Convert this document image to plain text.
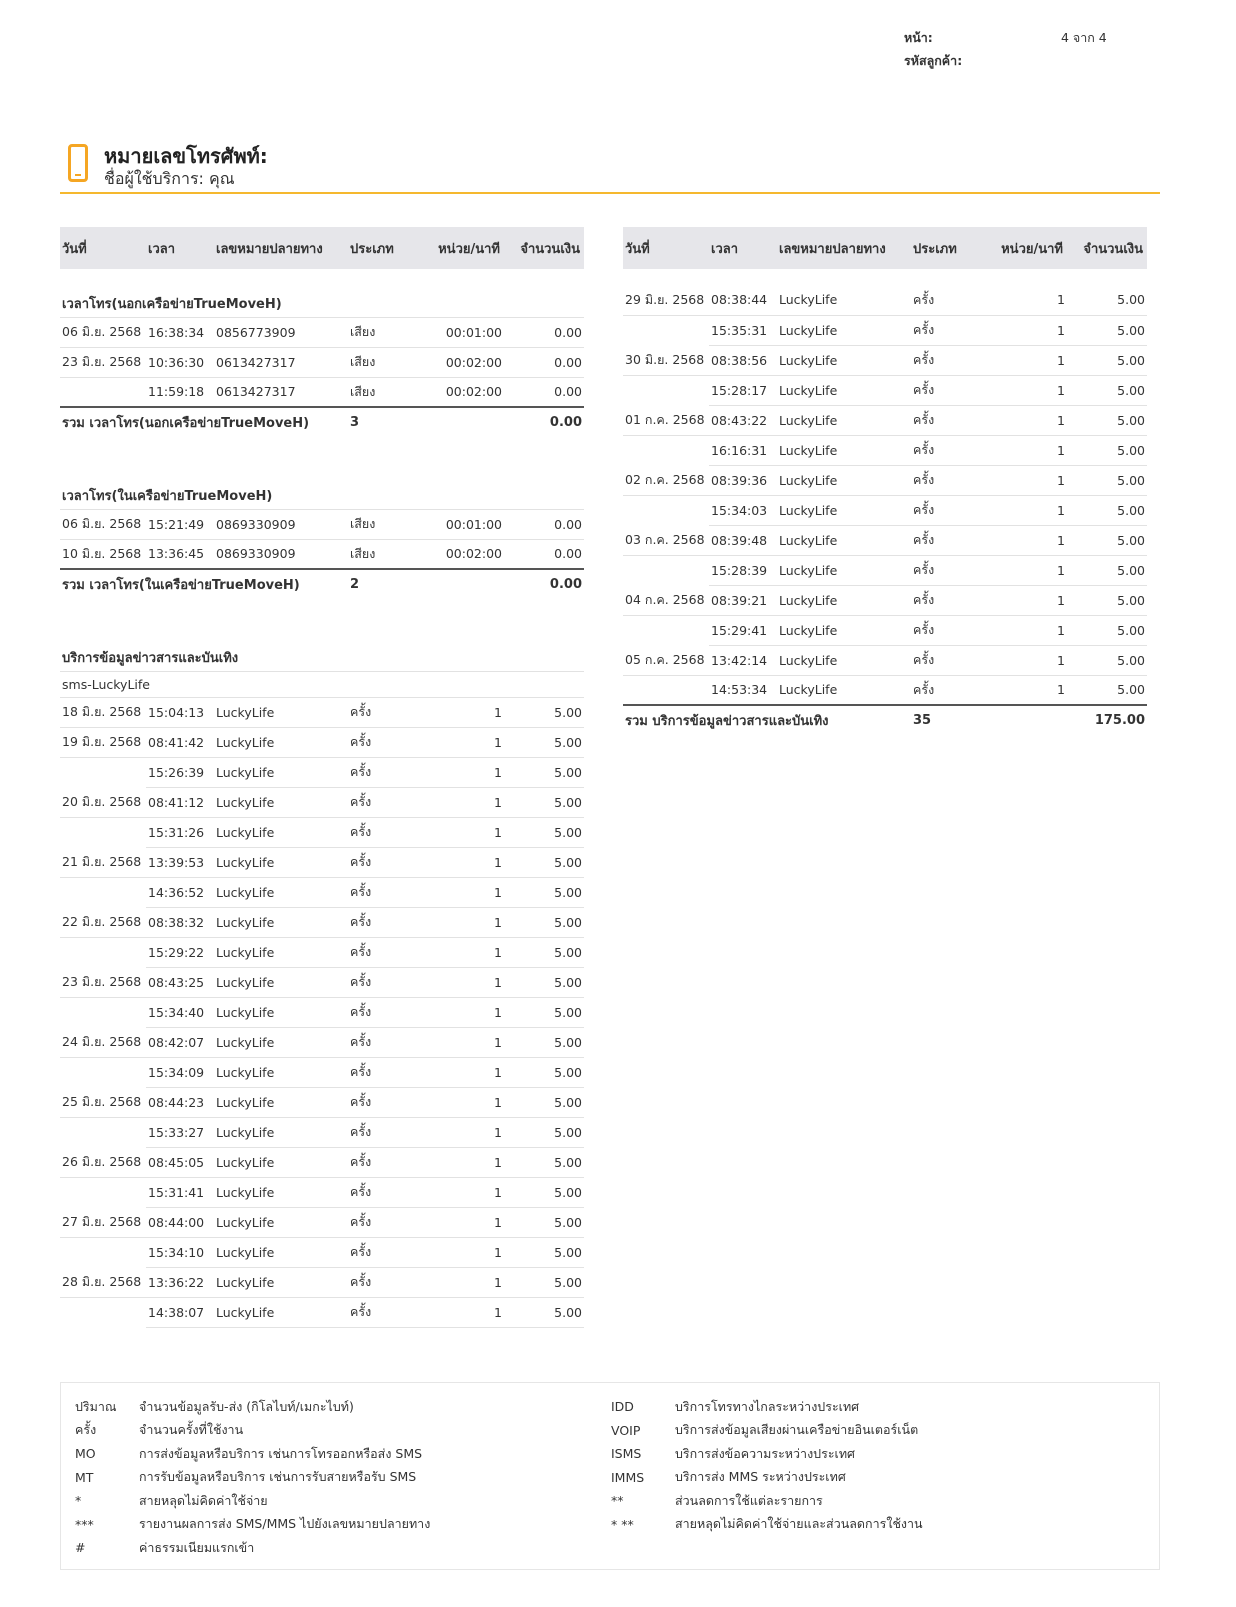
หน้า:	4 จาก 4
รหัสลูกค้า:
หมายเลขโทรศัพท์:
ชื่อผู้ใช้บริการ: คุณ
วันที่	เวลา	เลขหมายปลายทาง	ประเภท	หน่วย/นาที	จำนวนเงิน

เวลาโทร(นอกเครือข่ายTrueMoveH)					
06 มิ.ย. 2568	16:38:34	0856773909	เสียง	00:01:00	0.00
23 มิ.ย. 2568	10:36:30	0613427317	เสียง	00:02:00	0.00
	11:59:18	0613427317	เสียง	00:02:00	0.00
รวม เวลาโทร(นอกเครือข่ายTrueMoveH)			3		0.00

เวลาโทร(ในเครือข่ายTrueMoveH)					
06 มิ.ย. 2568	15:21:49	0869330909	เสียง	00:01:00	0.00
10 มิ.ย. 2568	13:36:45	0869330909	เสียง	00:02:00	0.00
รวม เวลาโทร(ในเครือข่ายTrueMoveH)			2		0.00

บริการข้อมูลข่าวสารและบันเทิง					
sms-LuckyLife					
18 มิ.ย. 2568	15:04:13	LuckyLife	ครั้ง	1	5.00
19 มิ.ย. 2568	08:41:42	LuckyLife	ครั้ง	1	5.00
	15:26:39	LuckyLife	ครั้ง	1	5.00
20 มิ.ย. 2568	08:41:12	LuckyLife	ครั้ง	1	5.00
	15:31:26	LuckyLife	ครั้ง	1	5.00
21 มิ.ย. 2568	13:39:53	LuckyLife	ครั้ง	1	5.00
	14:36:52	LuckyLife	ครั้ง	1	5.00
22 มิ.ย. 2568	08:38:32	LuckyLife	ครั้ง	1	5.00
	15:29:22	LuckyLife	ครั้ง	1	5.00
23 มิ.ย. 2568	08:43:25	LuckyLife	ครั้ง	1	5.00
	15:34:40	LuckyLife	ครั้ง	1	5.00
24 มิ.ย. 2568	08:42:07	LuckyLife	ครั้ง	1	5.00
	15:34:09	LuckyLife	ครั้ง	1	5.00
25 มิ.ย. 2568	08:44:23	LuckyLife	ครั้ง	1	5.00
	15:33:27	LuckyLife	ครั้ง	1	5.00
26 มิ.ย. 2568	08:45:05	LuckyLife	ครั้ง	1	5.00
	15:31:41	LuckyLife	ครั้ง	1	5.00
27 มิ.ย. 2568	08:44:00	LuckyLife	ครั้ง	1	5.00
	15:34:10	LuckyLife	ครั้ง	1	5.00
28 มิ.ย. 2568	13:36:22	LuckyLife	ครั้ง	1	5.00
	14:38:07	LuckyLife	ครั้ง	1	5.00
วันที่	เวลา	เลขหมายปลายทาง	ประเภท	หน่วย/นาที	จำนวนเงิน

29 มิ.ย. 2568	08:38:44	LuckyLife	ครั้ง	1	5.00
	15:35:31	LuckyLife	ครั้ง	1	5.00
30 มิ.ย. 2568	08:38:56	LuckyLife	ครั้ง	1	5.00
	15:28:17	LuckyLife	ครั้ง	1	5.00
01 ก.ค. 2568	08:43:22	LuckyLife	ครั้ง	1	5.00
	16:16:31	LuckyLife	ครั้ง	1	5.00
02 ก.ค. 2568	08:39:36	LuckyLife	ครั้ง	1	5.00
	15:34:03	LuckyLife	ครั้ง	1	5.00
03 ก.ค. 2568	08:39:48	LuckyLife	ครั้ง	1	5.00
	15:28:39	LuckyLife	ครั้ง	1	5.00
04 ก.ค. 2568	08:39:21	LuckyLife	ครั้ง	1	5.00
	15:29:41	LuckyLife	ครั้ง	1	5.00
05 ก.ค. 2568	13:42:14	LuckyLife	ครั้ง	1	5.00
	14:53:34	LuckyLife	ครั้ง	1	5.00
รวม บริการข้อมูลข่าวสารและบันเทิง			35		175.00
ปริมาณ	จำนวนข้อมูลรับ-ส่ง (กิโลไบท์/เมกะไบท์)
ครั้ง	จำนวนครั้งที่ใช้งาน
MO	การส่งข้อมูลหรือบริการ เช่นการโทรออกหรือส่ง SMS
MT	การรับข้อมูลหรือบริการ เช่นการรับสายหรือรับ SMS
*	สายหลุดไม่คิดค่าใช้จ่าย
***	รายงานผลการส่ง SMS/MMS ไปยังเลขหมายปลายทาง
#	ค่าธรรมเนียมแรกเข้า
IDD	บริการโทรทางไกลระหว่างประเทศ
VOIP	บริการส่งข้อมูลเสียงผ่านเครือข่ายอินเตอร์เน็ต
ISMS	บริการส่งข้อความระหว่างประเทศ
IMMS	บริการส่ง MMS ระหว่างประเทศ
**	ส่วนลดการใช้แต่ละรายการ
* **	สายหลุดไม่คิดค่าใช้จ่ายและส่วนลดการใช้งาน
